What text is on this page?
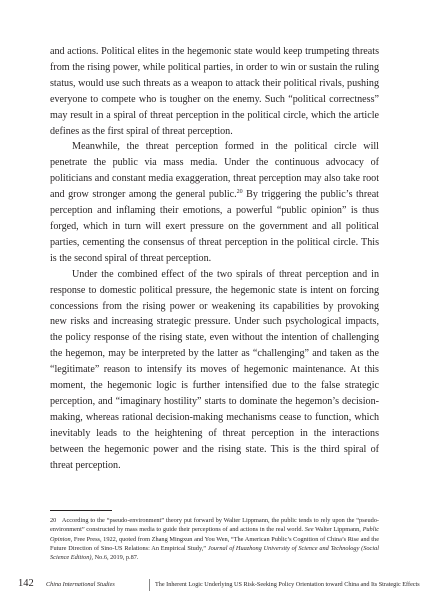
and actions. Political elites in the hegemonic state would keep trumpeting threats from the rising power, while political parties, in order to win or sustain the ruling status, would use such threats as a weapon to attack their political rivals, pushing everyone to compete who is tougher on the enemy. Such “political correctness” may result in a spiral of threat perception in the political circle, which the article defines as the first spiral of threat perception.

Meanwhile, the threat perception formed in the political circle will penetrate the public via mass media. Under the continuous advocacy of politicians and constant media exaggeration, threat perception may also take root and grow stronger among the general public.$^{20}$ By triggering the public’s threat perception and inflaming their emotions, a powerful “public opinion” is thus forged, which in turn will exert pressure on the government and all political parties, cementing the consensus of threat perception in the political circle. This is the second spiral of threat perception.

Under the combined effect of the two spirals of threat perception and in response to domestic political pressure, the hegemonic state is intent on forcing concessions from the rising power or weakening its capabilities by provoking new risks and increasing strategic pressure. Under such psychological impacts, the policy response of the rising state, even without the intention of challenging the hegemon, may be interpreted by the latter as “challenging” and taken as the “legitimate” reason to intensify its moves of hegemonic maintenance. At this moment, the hegemonic logic is further intensified due to the false strategic perception, and “imaginary hostility” starts to dominate the hegemon’s decision-making, whereas rational decision-making mechanisms cease to function, which inevitably leads to the heightening of threat perception in the interactions between the hegemonic power and the rising state. This is the third spiral of threat perception.

20 According to the “pseudo-environment” theory put forward by Walter Lippmann, the public tends to rely upon the “pseudo-environment” constructed by mass media to guide their perceptions of and actions in the real world. See Walter Lippmann, Public Opinion, Free Press, 1922, quoted from Zhang Mingxun and You Wen, “The American Public’s Cognition of China’s Rise and the Future Direction of Sino-US Relations: An Empirical Study,” Journal of Huazhong University of Science and Technology (Social Science Edition), No.6, 2019, p.87.

142 China International Studies	The Inherent Logic Underlying US Risk-Seeking Policy Orientation toward China and Its Strategic Effects
